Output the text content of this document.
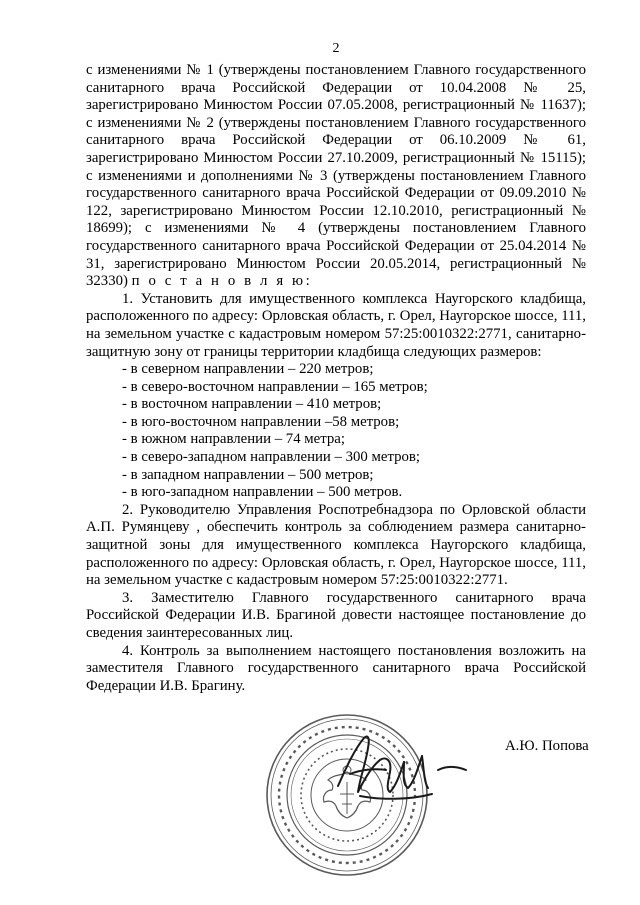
2

с изменениями № 1 (утверждены постановлением Главного государственного санитарного врача Российской Федерации от 10.04.2008 № 25, зарегистрировано Минюстом России 07.05.2008, регистрационный № 11637); с изменениями № 2 (утверждены постановлением Главного государственного санитарного врача Российской Федерации от 06.10.2009 № 61, зарегистрировано Минюстом России 27.10.2009, регистрационный № 15115); с изменениями и дополнениями № 3 (утверждены постановлением Главного государственного санитарного врача Российской Федерации от 09.09.2010 № 122, зарегистрировано Минюстом России 12.10.2010, регистрационный № 18699); с изменениями № 4 (утверждены постановлением Главного государственного санитарного врача Российской Федерации от 25.04.2014 № 31, зарегистрировано Минюстом России 20.05.2014, регистрационный № 32330) п о с т а н о в л я ю:

1. Установить для имущественного комплекса Наугорского кладбища, расположенного по адресу: Орловская область, г. Орел, Наугорское шоссе, 111, на земельном участке с кадастровым номером 57:25:0010322:2771, санитарно-защитную зону от границы территории кладбища следующих размеров:

- в северном направлении – 220 метров;
- в северо-восточном направлении – 165 метров;
- в восточном направлении – 410 метров;
- в юго-восточном направлении –58 метров;
- в южном направлении – 74 метра;
- в северо-западном направлении – 300 метров;
- в западном направлении – 500 метров;
- в юго-западном направлении – 500 метров.

2. Руководителю Управления Роспотребнадзора по Орловской области А.П. Румянцеву , обеспечить контроль за соблюдением размера санитарно-защитной зоны для имущественного комплекса Наугорского кладбища, расположенного по адресу: Орловская область, г. Орел, Наугорское шоссе, 111, на земельном участке с кадастровым номером 57:25:0010322:2771.

3. Заместителю Главного государственного санитарного врача Российской Федерации И.В. Брагиной довести настоящее постановление до сведения заинтересованных лиц.

4. Контроль за выполнением настоящего постановления возложить на заместителя Главного государственного санитарного врача Российской Федерации И.В. Брагину.

А.Ю. Попова
